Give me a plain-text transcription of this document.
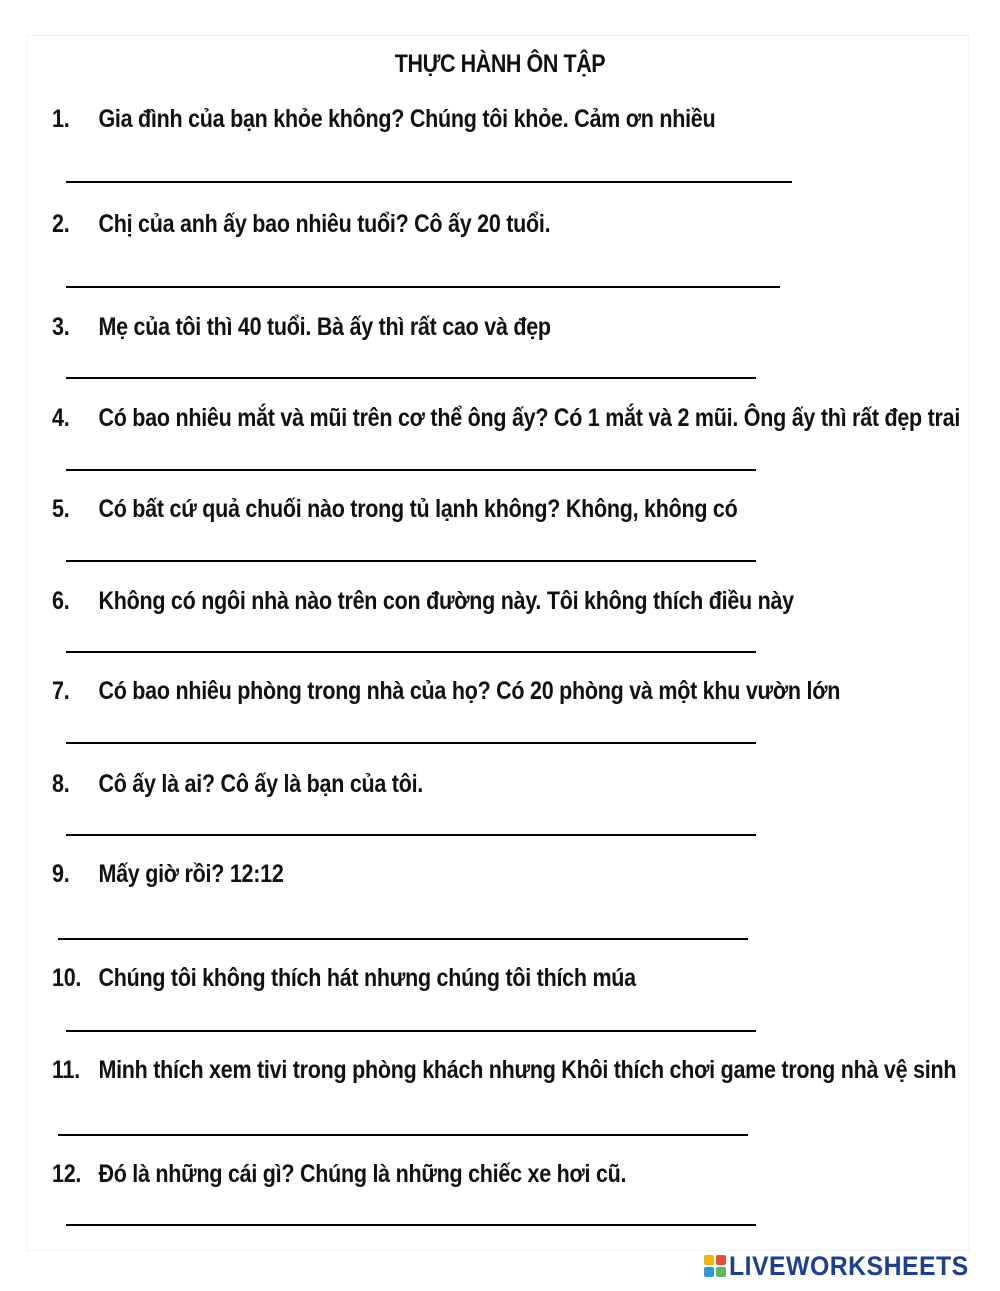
THỰC HÀNH ÔN TẬP
1. Gia đình của bạn khỏe không? Chúng tôi khỏe. Cảm ơn nhiều
2. Chị của anh ấy bao nhiêu tuổi? Cô ấy 20 tuổi.
3. Mẹ của tôi thì 40 tuổi. Bà ấy thì rất cao và đẹp
4. Có bao nhiêu mắt và mũi trên cơ thể ông ấy? Có 1 mắt và 2 mũi. Ông ấy thì rất đẹp trai
5. Có bất cứ quả chuối nào trong tủ lạnh không? Không, không có
6. Không có ngôi nhà nào trên con đường này. Tôi không thích điều này
7. Có bao nhiêu phòng trong nhà của họ? Có 20 phòng và một khu vườn lớn
8. Cô ấy là ai? Cô ấy là bạn của tôi.
9. Mấy giờ rồi? 12:12
10. Chúng tôi không thích hát nhưng chúng tôi thích múa
11. Minh thích xem tivi trong phòng khách nhưng Khôi thích chơi game trong nhà vệ sinh
12. Đó là những cái gì? Chúng là những chiếc xe hơi cũ.
LIVEWORKSHEETS
